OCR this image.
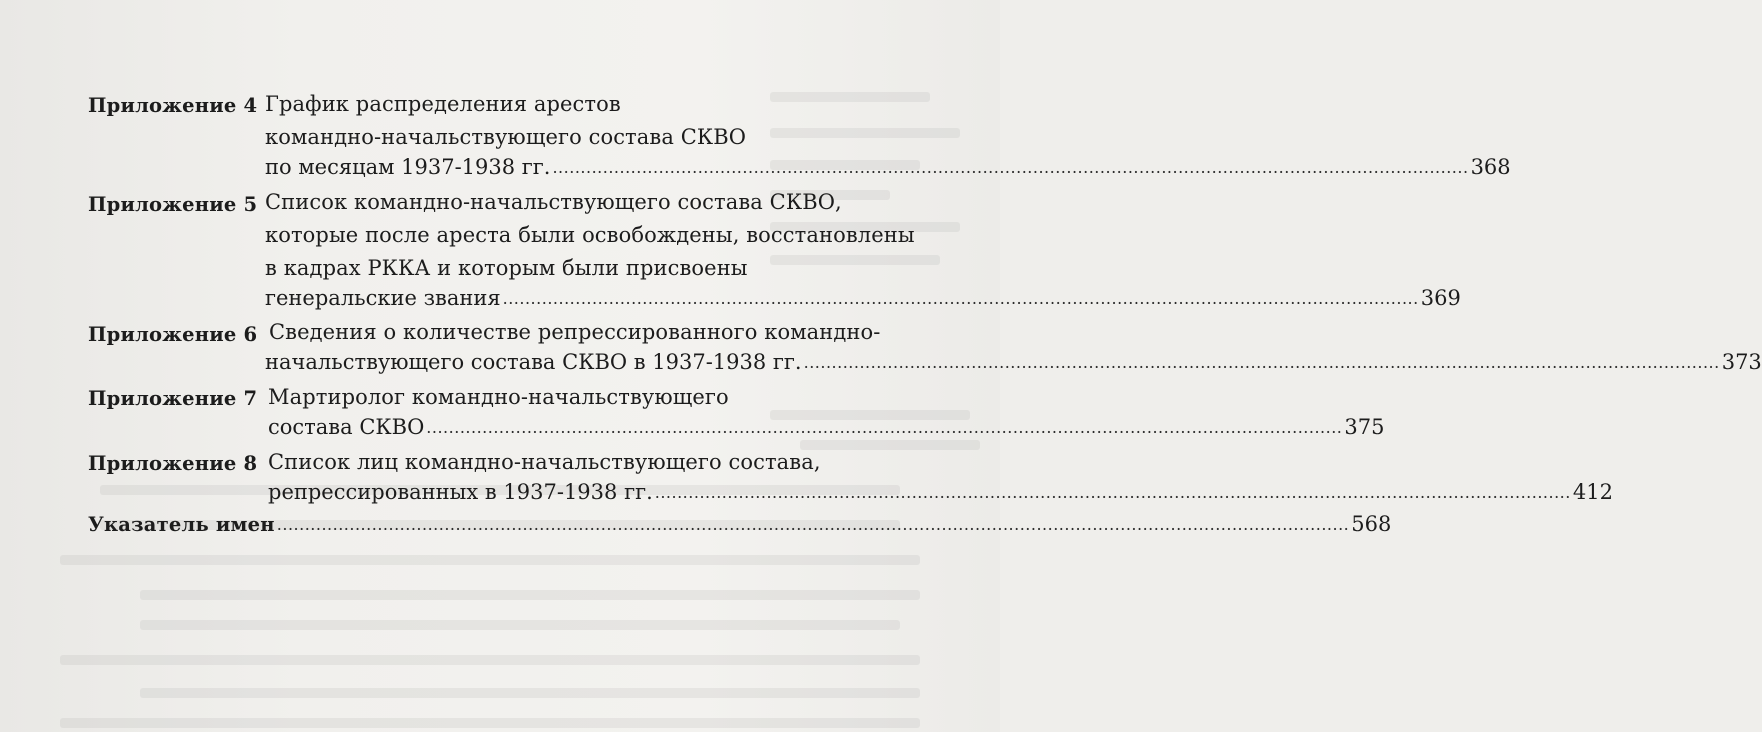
Приложение 4 График распределения арестов
командно-начальствующего состава СКВО
по месяцам 1937-1938 гг. .................................................................................................................................................................... 368
Приложение 5 Список командно-начальствующего состава СКВО,
которые после ареста были освобождены, восстановлены
в кадрах РККА и которым были присвоены
генеральские звания .................................................................................................................................................................... 369
Приложение 6 Сведения о количестве репрессированного командно-
начальствующего состава СКВО в 1937-1938 гг. .................................................................................................................................................................... 373
Приложение 7 Мартиролог командно-начальствующего
состава СКВО .................................................................................................................................................................... 375
Приложение 8 Список лиц командно-начальствующего состава,
репрессированных в 1937-1938 гг. .................................................................................................................................................................... 412
Указатель имен ................................................................................................................................................................................................ 568
